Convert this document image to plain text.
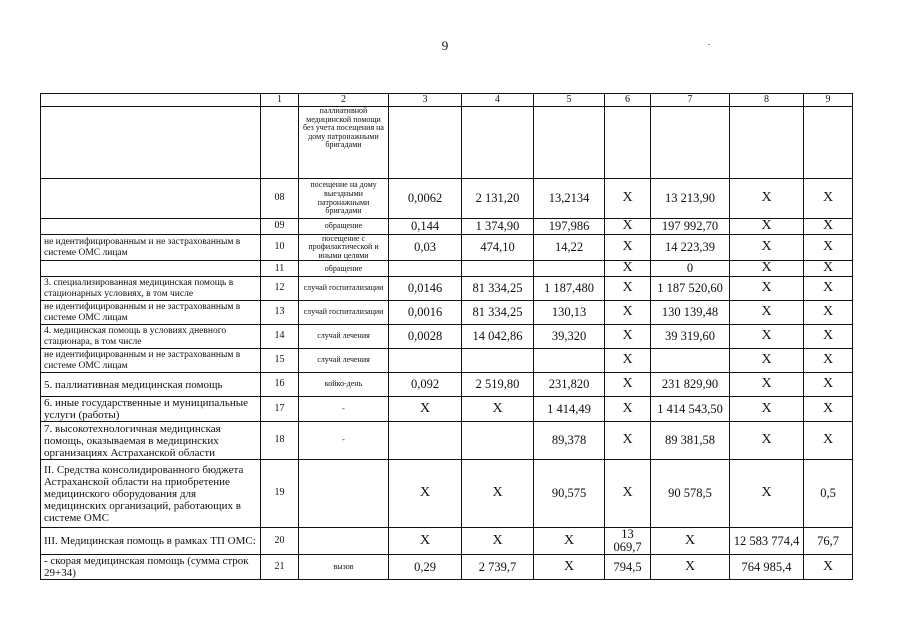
9
	1	2	3	4	5	6	7	8	9
		паллиативной медицинской помощи без учета посещения на дому патронажными бригадами							
	08	посещение на дому выездными патронажными бригадами	0,0062	2 131,20	13,2134	X	13 213,90	X	X
	09	обращение	0,144	1 374,90	197,986	X	197 992,70	X	X
не идентифицированным и не застрахованным в системе ОМС лицам	10	посещение с профилактической и иными целями	0,03	474,10	14,22	X	14 223,39	X	X
	11	обращение				X	0	X	X
3. специализированная медицинская помощь в стационарных условиях, в том числе	12	случай госпитализации	0,0146	81 334,25	1 187,480	X	1 187 520,60	X	X
не идентифицированным и не застрахованным в системе ОМС лицам	13	случай госпитализации	0,0016	81 334,25	130,13	X	130 139,48	X	X
4. медицинская помощь в условиях дневного стационара, в том числе	14	случай лечения	0,0028	14 042,86	39,320	X	39 319,60	X	X
не идентифицированным и не застрахованным в системе ОМС лицам	15	случай лечения				X		X	X
5. паллиативная медицинская помощь	16	койко-день	0,092	2 519,80	231,820	X	231 829,90	X	X
6. иные государственные и муниципальные услуги (работы)	17	-	X	X	1 414,49	X	1 414 543,50	X	X
7. высокотехнологичная медицинская помощь, оказываемая в медицинских организациях Астраханской области	18	-			89,378	X	89 381,58	X	X
II. Средства консолидированного бюджета Астраханской области на приобретение медицинского оборудования для медицинских организаций, работающих в системе ОМС	19		X	X	90,575	X	90 578,5	X	0,5
III. Медицинская помощь в рамках ТП ОМС:	20		X	X	X	13 069,7	X	12 583 774,4	76,7
- скорая медицинская помощь (сумма строк 29+34)	21	вызов	0,29	2 739,7	X	794,5	X	764 985,4	X
